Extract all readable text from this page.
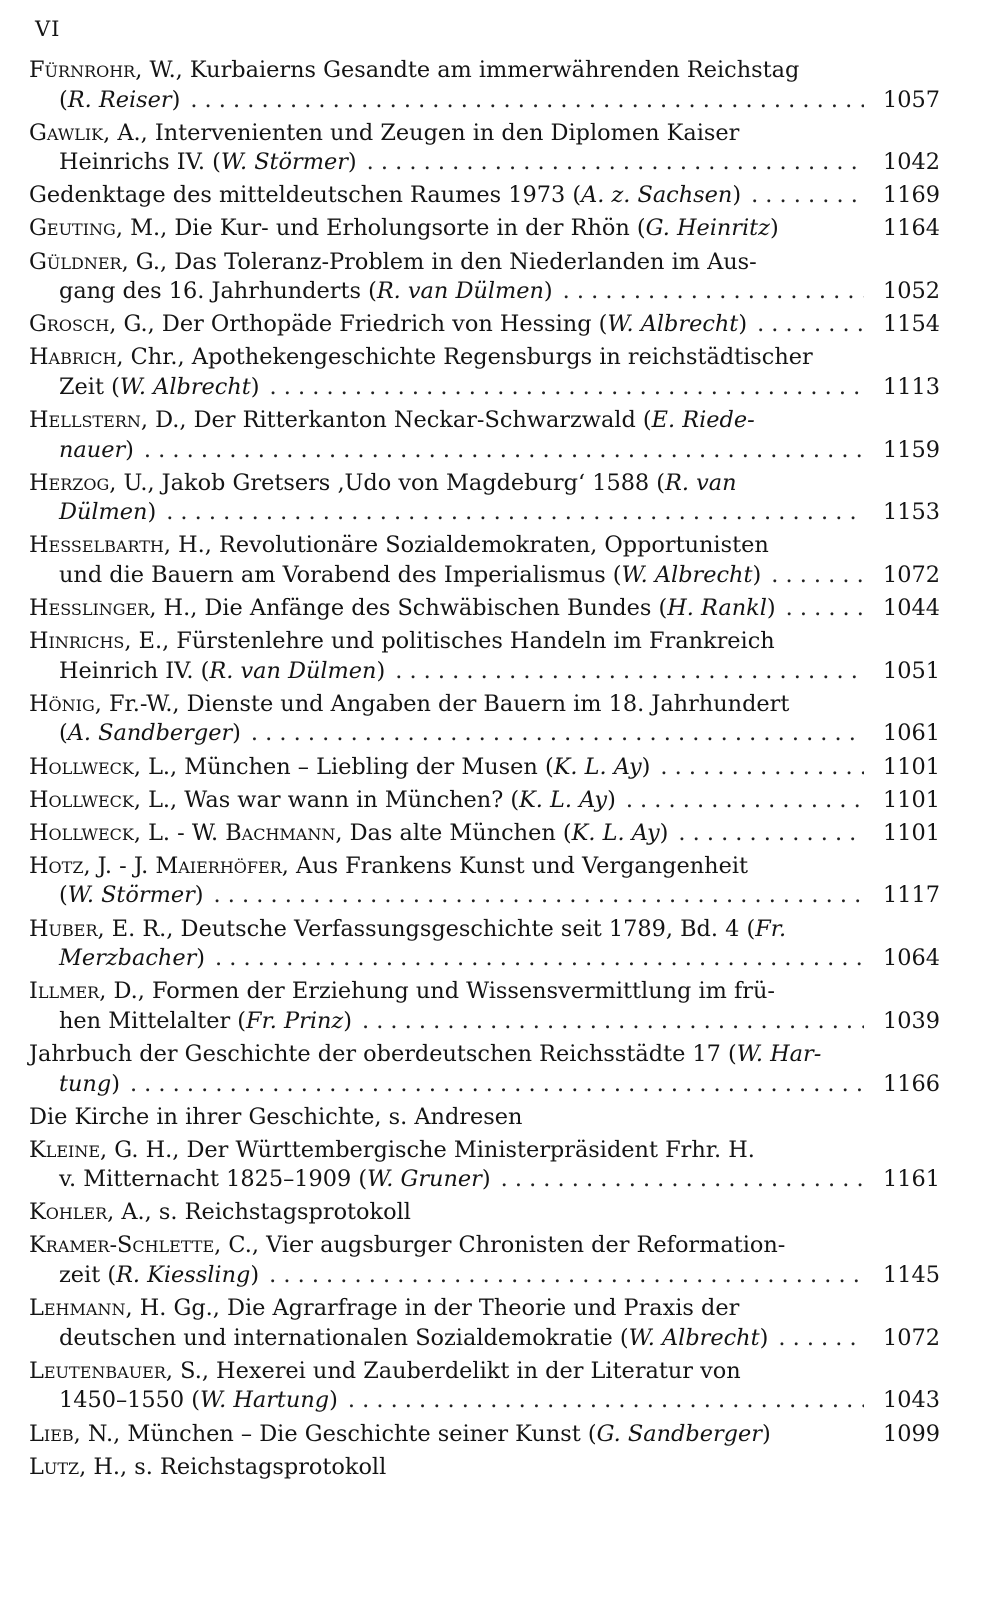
VI
Fürnrohr, W., Kurbaierns Gesandte am immerwährenden Reichstag
(R. Reiser) . . .	1057
Gawlik, A., Intervenienten und Zeugen in den Diplomen Kaiser
Heinrichs IV. (W. Störmer) . . .	1042
Gedenktage des mitteldeutschen Raumes 1973 (A. z. Sachsen) . . .	1169
Geuting, M., Die Kur- und Erholungsorte in der Rhön (G. Heinritz)	1164
Güldner, G., Das Toleranz-Problem in den Niederlanden im Aus-
gang des 16. Jahrhunderts (R. van Dülmen) . . .	1052
Grosch, G., Der Orthopäde Friedrich von Hessing (W. Albrecht) . . .	1154
Habrich, Chr., Apothekengeschichte Regensburgs in reichstädtischer
Zeit (W. Albrecht) . . .	1113
Hellstern, D., Der Ritterkanton Neckar-Schwarzwald (E. Riede-
nauer) . . .	1159
Herzog, U., Jakob Gretsers ‚Udo von Magdeburg‘ 1588 (R. van
Dülmen) . . .	1153
Hesselbarth, H., Revolutionäre Sozialdemokraten, Opportunisten
und die Bauern am Vorabend des Imperialismus (W. Albrecht) . . .	1072
Hesslinger, H., Die Anfänge des Schwäbischen Bundes (H. Rankl) . . .	1044
Hinrichs, E., Fürstenlehre und politisches Handeln im Frankreich
Heinrich IV. (R. van Dülmen) . . .	1051
Hönig, Fr.-W., Dienste und Angaben der Bauern im 18. Jahrhundert
(A. Sandberger) . . .	1061
Hollweck, L., München – Liebling der Musen (K. L. Ay) . . .	1101
Hollweck, L., Was war wann in München? (K. L. Ay) . . .	1101
Hollweck, L. - W. Bachmann, Das alte München (K. L. Ay) . . .	1101
Hotz, J. - J. Maierhöfer, Aus Frankens Kunst und Vergangenheit
(W. Störmer) . . .	1117
Huber, E. R., Deutsche Verfassungsgeschichte seit 1789, Bd. 4 (Fr.
Merzbacher) . . .	1064
Illmer, D., Formen der Erziehung und Wissensvermittlung im frü-
hen Mittelalter (Fr. Prinz) . . .	1039
Jahrbuch der Geschichte der oberdeutschen Reichsstädte 17 (W. Har-
tung) . . .	1166
Die Kirche in ihrer Geschichte, s. Andresen
Kleine, G. H., Der Württembergische Ministerpräsident Frhr. H.
v. Mitternacht 1825–1909 (W. Gruner) . . .	1161
Kohler, A., s. Reichstagsprotokoll
Kramer-Schlette, C., Vier augsburger Chronisten der Reformation-
zeit (R. Kiessling) . . .	1145
Lehmann, H. Gg., Die Agrarfrage in der Theorie und Praxis der
deutschen und internationalen Sozialdemokratie (W. Albrecht) . . .	1072
Leutenbauer, S., Hexerei und Zauberdelikt in der Literatur von
1450–1550 (W. Hartung) . . .	1043
Lieb, N., München – Die Geschichte seiner Kunst (G. Sandberger)	1099
Lutz, H., s. Reichstagsprotokoll
